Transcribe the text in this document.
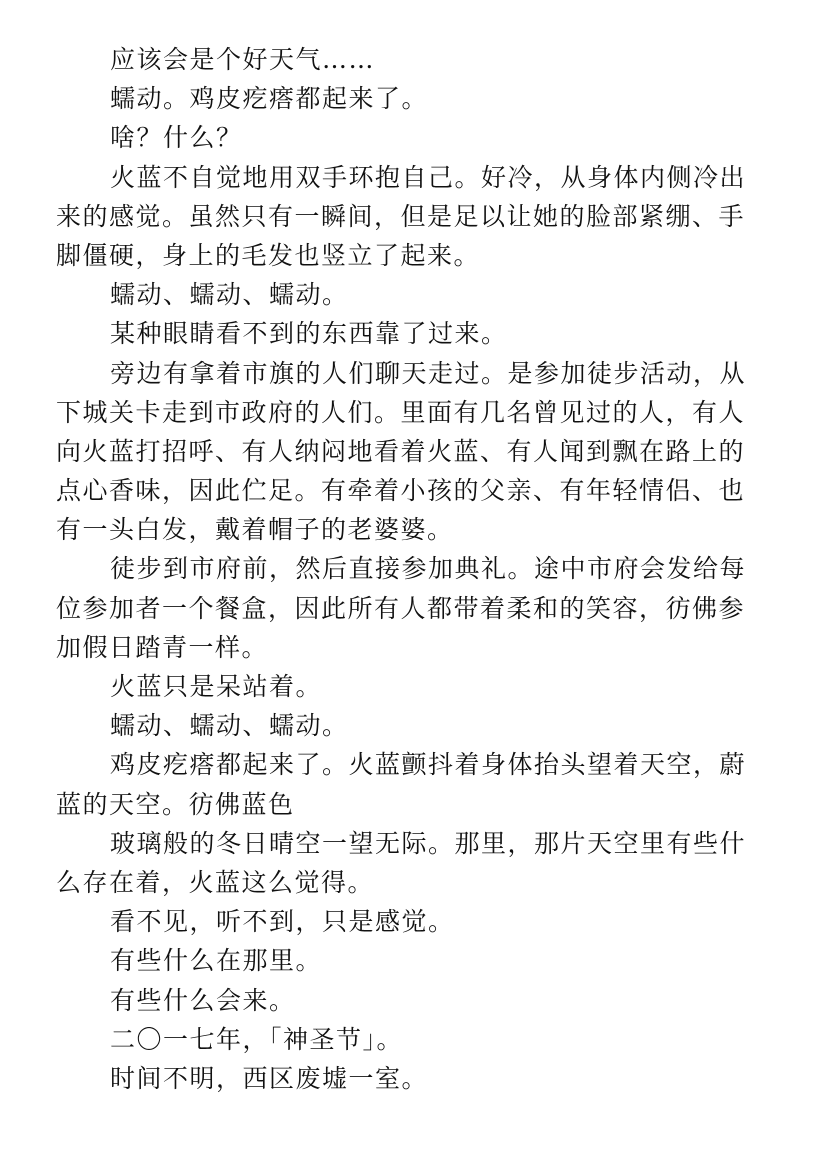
应该会是个好天气……
蠕动。鸡皮疙瘩都起来了。
啥？什么？
火蓝不自觉地用双手环抱自己。好冷，从身体内侧冷出
来的感觉。虽然只有一瞬间，但是足以让她的脸部紧绷、手
脚僵硬，身上的毛发也竖立了起来。
蠕动、蠕动、蠕动。
某种眼睛看不到的东西靠了过来。
旁边有拿着市旗的人们聊天走过。是参加徒步活动，从
下城关卡走到市政府的人们。里面有几名曾见过的人，有人
向火蓝打招呼、有人纳闷地看着火蓝、有人闻到飘在路上的
点心香味，因此伫足。有牵着小孩的父亲、有年轻情侣、也
有一头白发，戴着帽子的老婆婆。
徒步到市府前，然后直接参加典礼。途中市府会发给每
位参加者一个餐盒，因此所有人都带着柔和的笑容，彷佛参
加假日踏青一样。
火蓝只是呆站着。
蠕动、蠕动、蠕动。
鸡皮疙瘩都起来了。火蓝颤抖着身体抬头望着天空，蔚
蓝的天空。彷佛蓝色
玻璃般的冬日晴空一望无际。那里，那片天空里有些什
么存在着，火蓝这么觉得。
看不见，听不到，只是感觉。
有些什么在那里。
有些什么会来。
二〇一七年，「神圣节」。
时间不明，西区废墟一室。
